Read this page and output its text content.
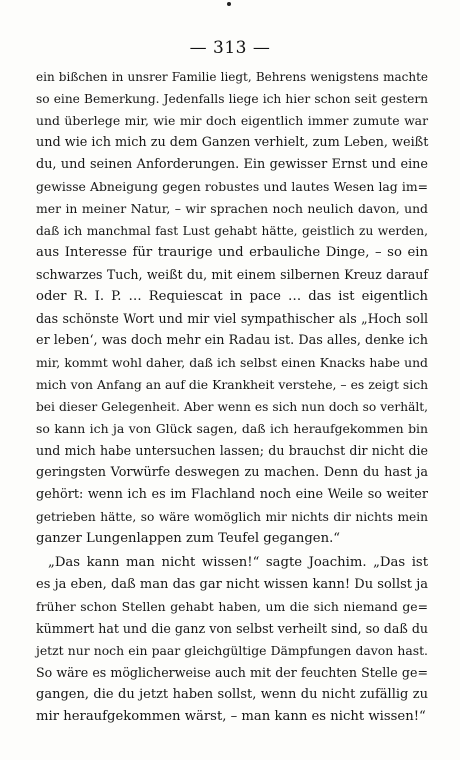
— 313 —
ein bißchen in unsrer Familie liegt, Behrens wenigstens machte
so eine Bemerkung. Jedenfalls liege ich hier schon seit gestern
und überlege mir, wie mir doch eigentlich immer zumute war
und wie ich mich zu dem Ganzen verhielt, zum Leben, weißt
du, und seinen Anforderungen. Ein gewisser Ernst und eine
gewisse Abneigung gegen robustes und lautes Wesen lag im=
mer in meiner Natur, – wir sprachen noch neulich davon, und
daß ich manchmal fast Lust gehabt hätte, geistlich zu werden,
aus Interesse für traurige und erbauliche Dinge, – so ein
schwarzes Tuch, weißt du, mit einem silbernen Kreuz darauf
oder R. I. P. … Requiescat in pace … das ist eigentlich
das schönste Wort und mir viel sympathischer als „Hoch soll
er leben‘, was doch mehr ein Radau ist. Das alles, denke ich
mir, kommt wohl daher, daß ich selbst einen Knacks habe und
mich von Anfang an auf die Krankheit verstehe, – es zeigt sich
bei dieser Gelegenheit. Aber wenn es sich nun doch so verhält,
so kann ich ja von Glück sagen, daß ich heraufgekommen bin
und mich habe untersuchen lassen; du brauchst dir nicht die
geringsten Vorwürfe deswegen zu machen. Denn du hast ja
gehört: wenn ich es im Flachland noch eine Weile so weiter
getrieben hätte, so wäre womöglich mir nichts dir nichts mein
ganzer Lungenlappen zum Teufel gegangen.“
„Das kann man nicht wissen!“ sagte Joachim. „Das ist
es ja eben, daß man das gar nicht wissen kann! Du sollst ja
früher schon Stellen gehabt haben, um die sich niemand ge=
kümmert hat und die ganz von selbst verheilt sind, so daß du
jetzt nur noch ein paar gleichgültige Dämpfungen davon hast.
So wäre es möglicherweise auch mit der feuchten Stelle ge=
gangen, die du jetzt haben sollst, wenn du nicht zufällig zu
mir heraufgekommen wärst, – man kann es nicht wissen!“
